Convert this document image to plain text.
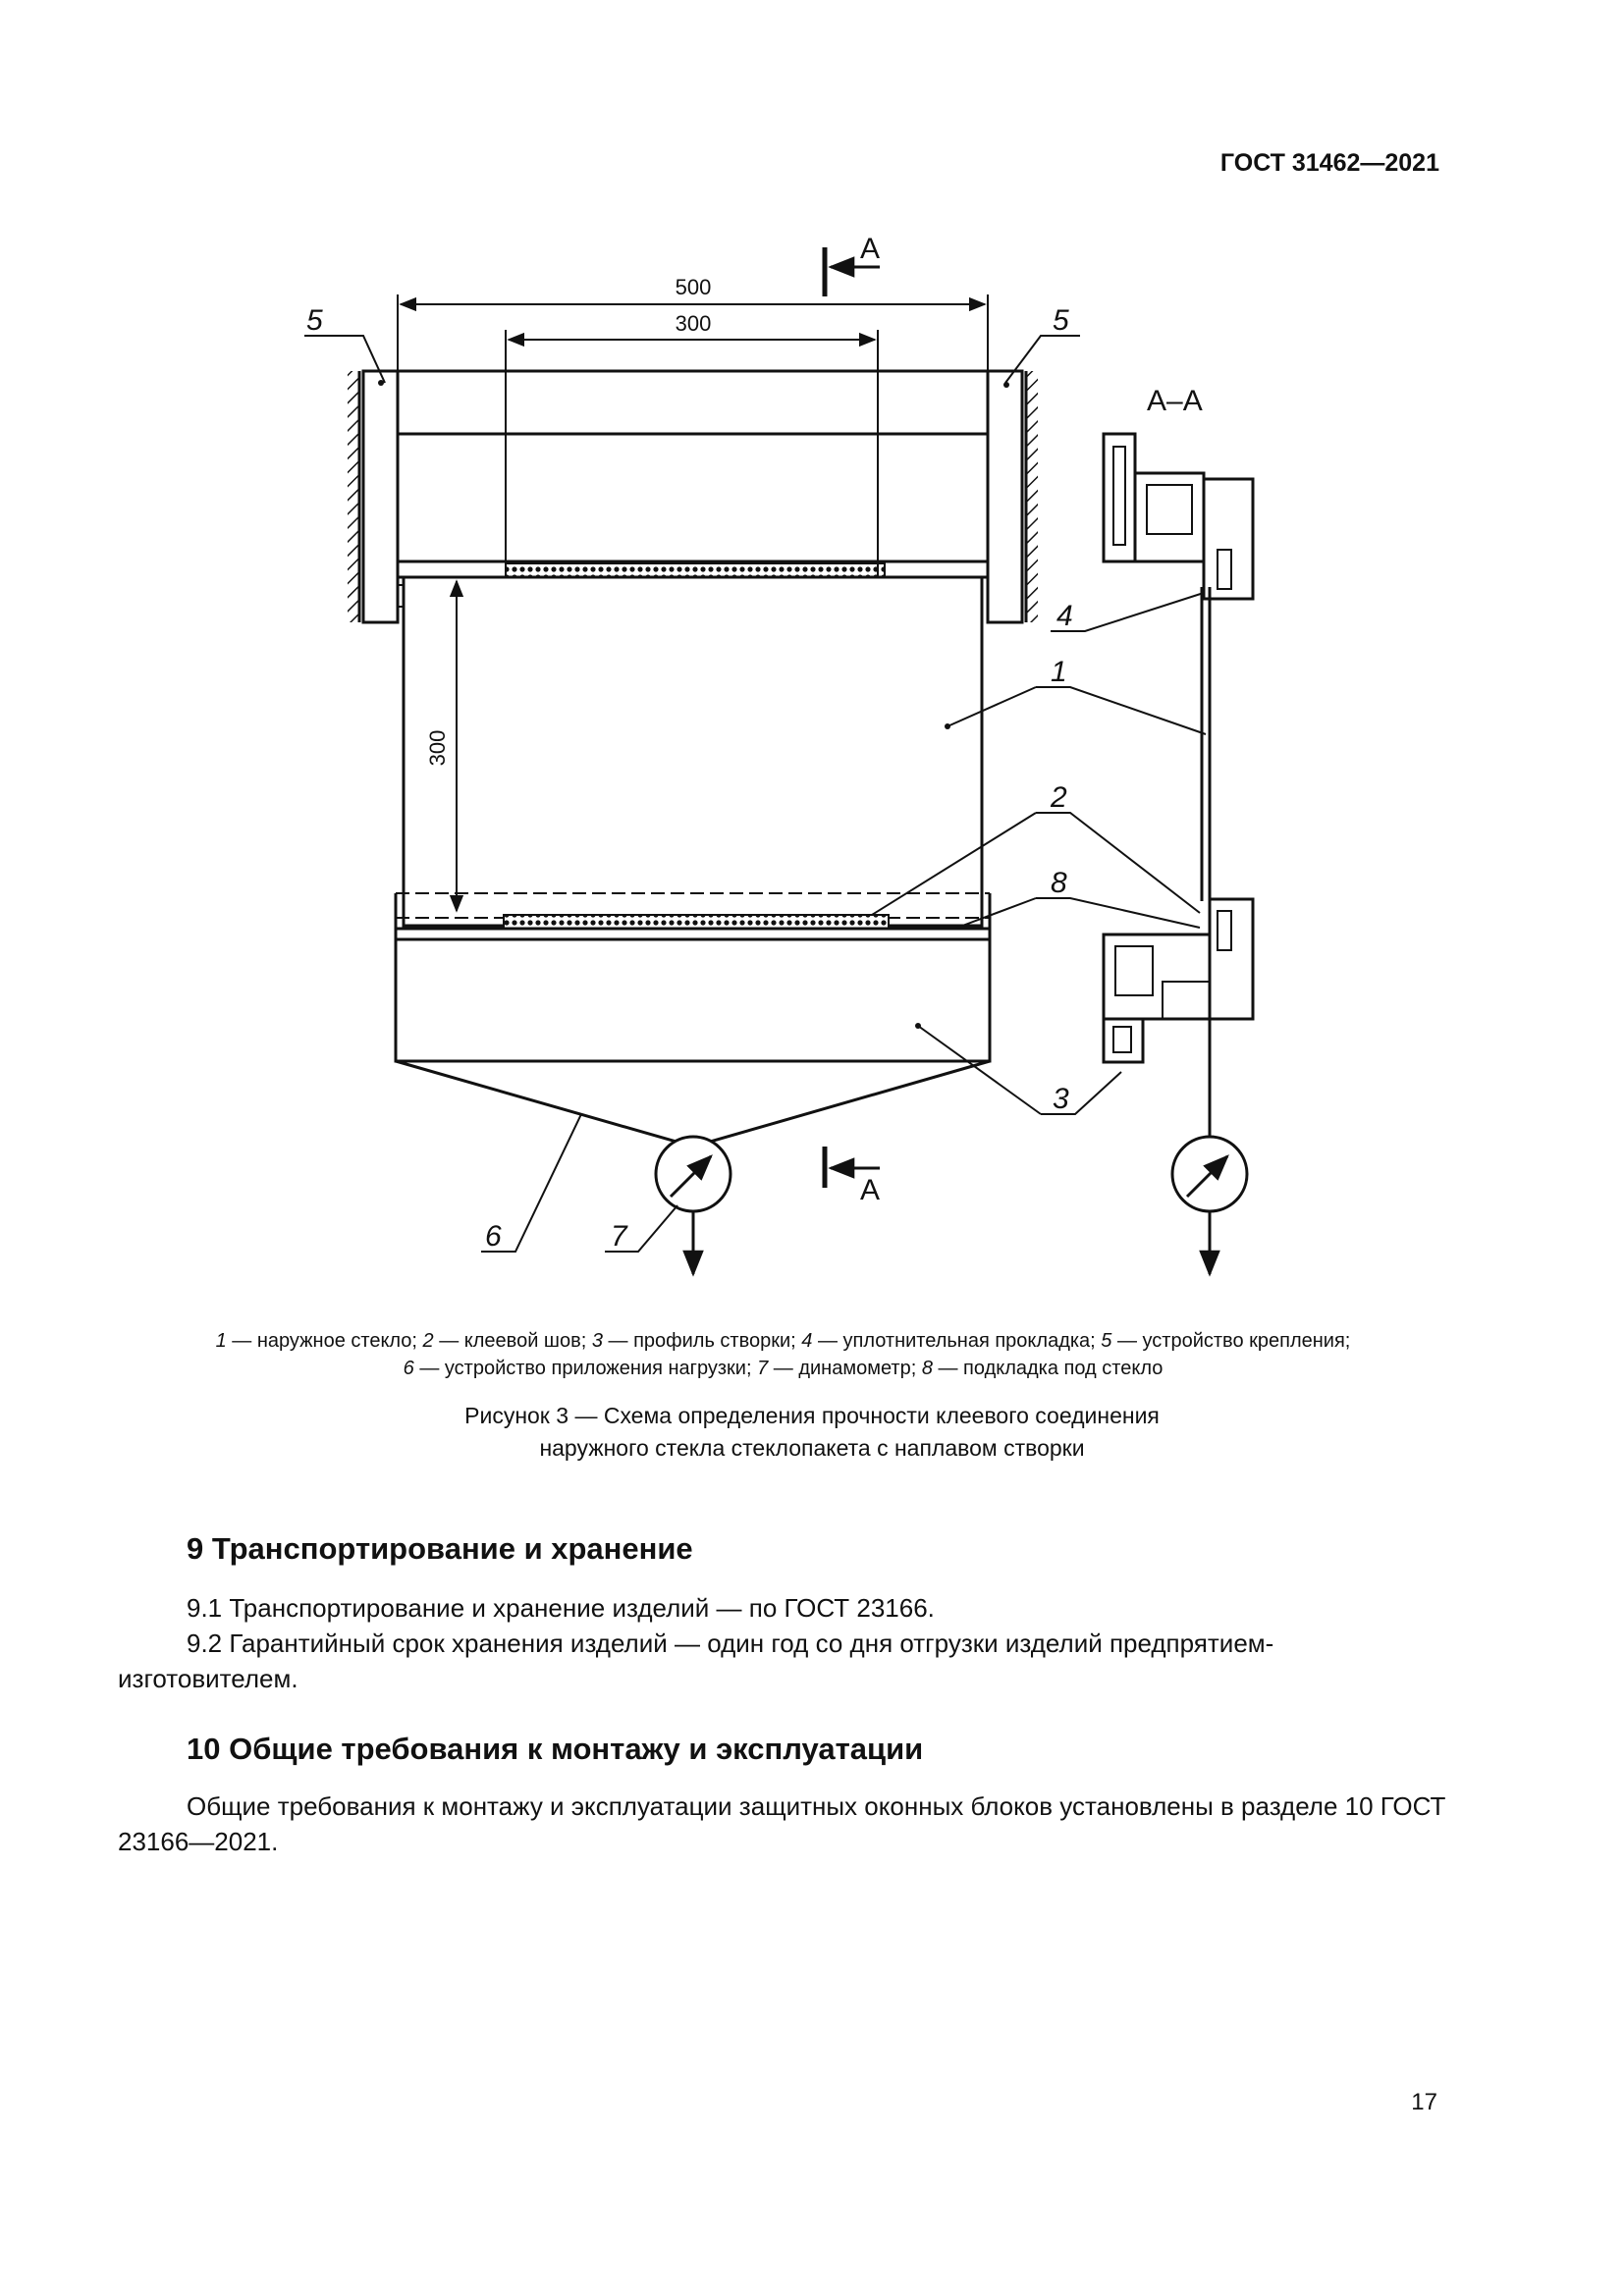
ГОСТ 31462—2021
500
300
300
А
А
А–А
5	5
4
1
2
8
3
6	7
1 — наружное стекло; 2 — клеевой шов; 3 — профиль створки; 4 — уплотнительная прокладка; 5 — устройство крепления;
6 — устройство приложения нагрузки; 7 — динамометр; 8 — подкладка под стекло
Рисунок 3 — Схема определения прочности клеевого соединения
наружного стекла стеклопакета с наплавом створки
9 Транспортирование и хранение
9.1 Транспортирование и хранение изделий — по ГОСТ 23166.
9.2 Гарантийный срок хранения изделий — один год со дня отгрузки изделий предпрятием-изготовителем.
10 Общие требования к монтажу и эксплуатации
Общие требования к монтажу и эксплуатации защитных оконных блоков установлены в разделе 10 ГОСТ 23166—2021.
17
